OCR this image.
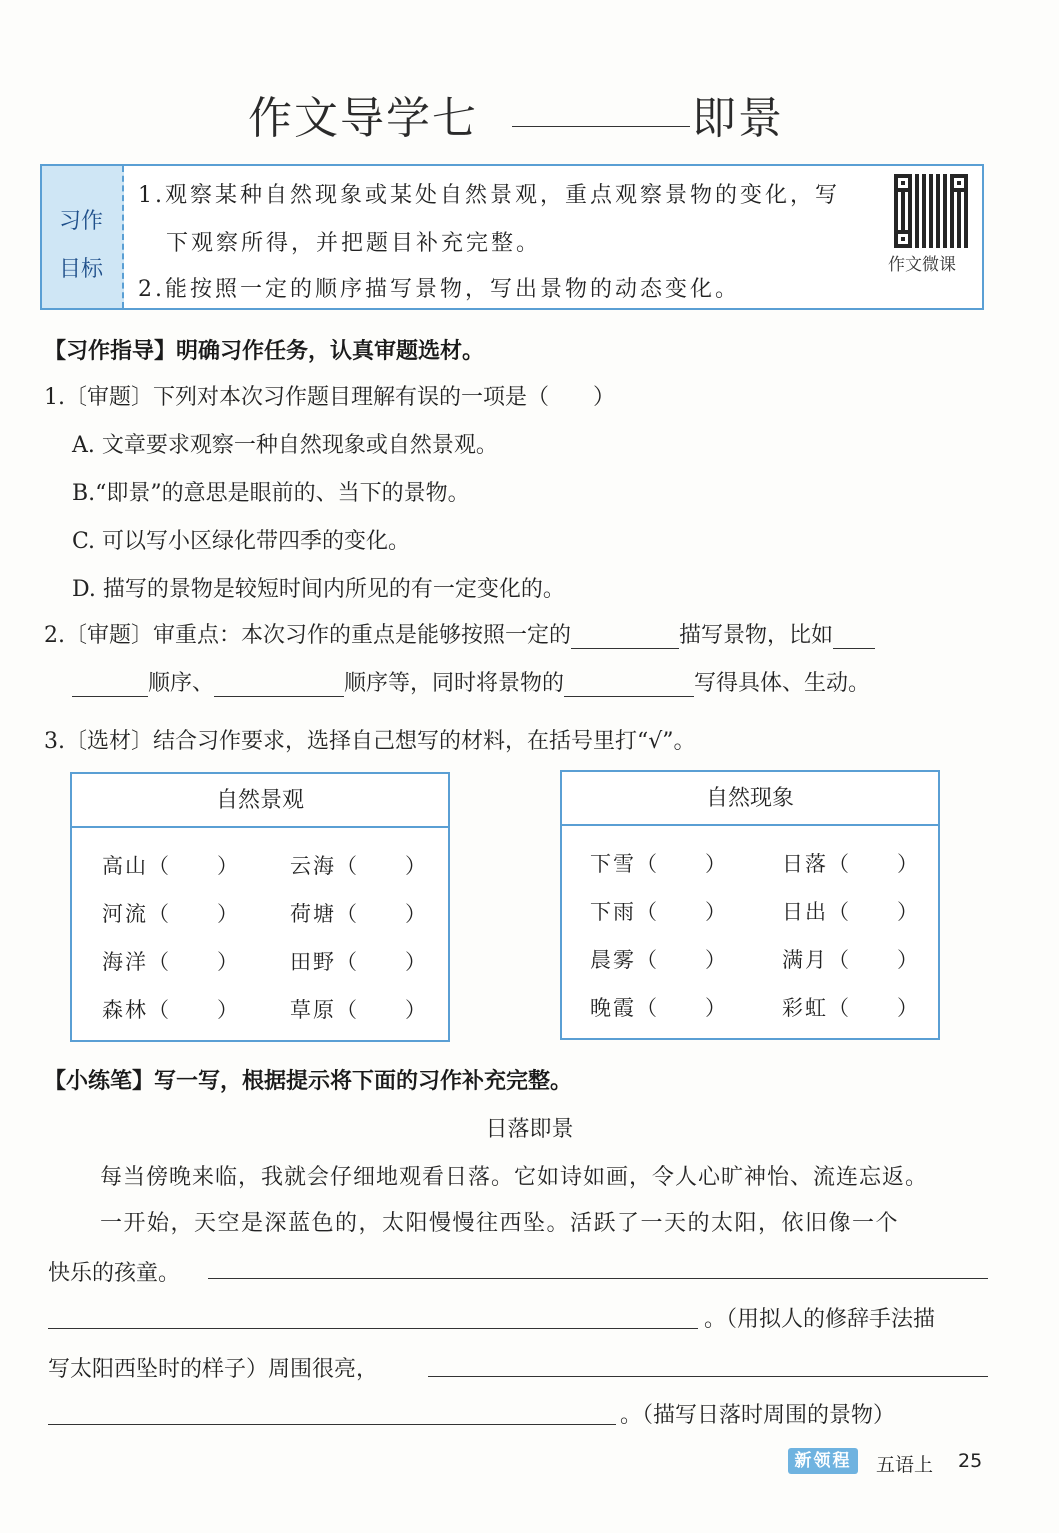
作文导学七	即景
习作
目标
1.观察某种自然现象或某处自然景观，重点观察景物的变化，写
下观察所得，并把题目补充完整。
2.能按照一定的顺序描写景物，写出景物的动态变化。
作文微课
【习作指导】明确习作任务，认真审题选材。
1.〔审题〕下列对本次习作题目理解有误的一项是（　　）
A. 文章要求观察一种自然现象或自然景观。
B.“即景”的意思是眼前的、当下的景物。
C. 可以写小区绿化带四季的变化。
D. 描写的景物是较短时间内所见的有一定变化的。
2.〔审题〕审重点：本次习作的重点是能够按照一定的	描写景物，比如
顺序、	顺序等，同时将景物的	写得具体、生动。
3.〔选材〕结合习作要求，选择自己想写的材料，在括号里打“√”。
自然景观
高山（　　） 云海（　　）
河流（　　） 荷塘（　　）
海洋（　　） 田野（　　）
森林（　　） 草原（　　）
自然现象
下雪（　　）	日落（　　）
下雨（　　）	日出（　　）
晨雾（　　）	满月（　　）
晚霞（　　）	彩虹（　　）
【小练笔】写一写，根据提示将下面的习作补充完整。
日落即景
每当傍晚来临，我就会仔细地观看日落。它如诗如画，令人心旷神怡、流连忘返。
一开始，天空是深蓝色的，太阳慢慢往西坠。活跃了一天的太阳，依旧像一个
快乐的孩童。
。（用拟人的修辞手法描
写太阳西坠时的样子）周围很亮，
。（描写日落时周围的景物）
新领程	五语上 25
